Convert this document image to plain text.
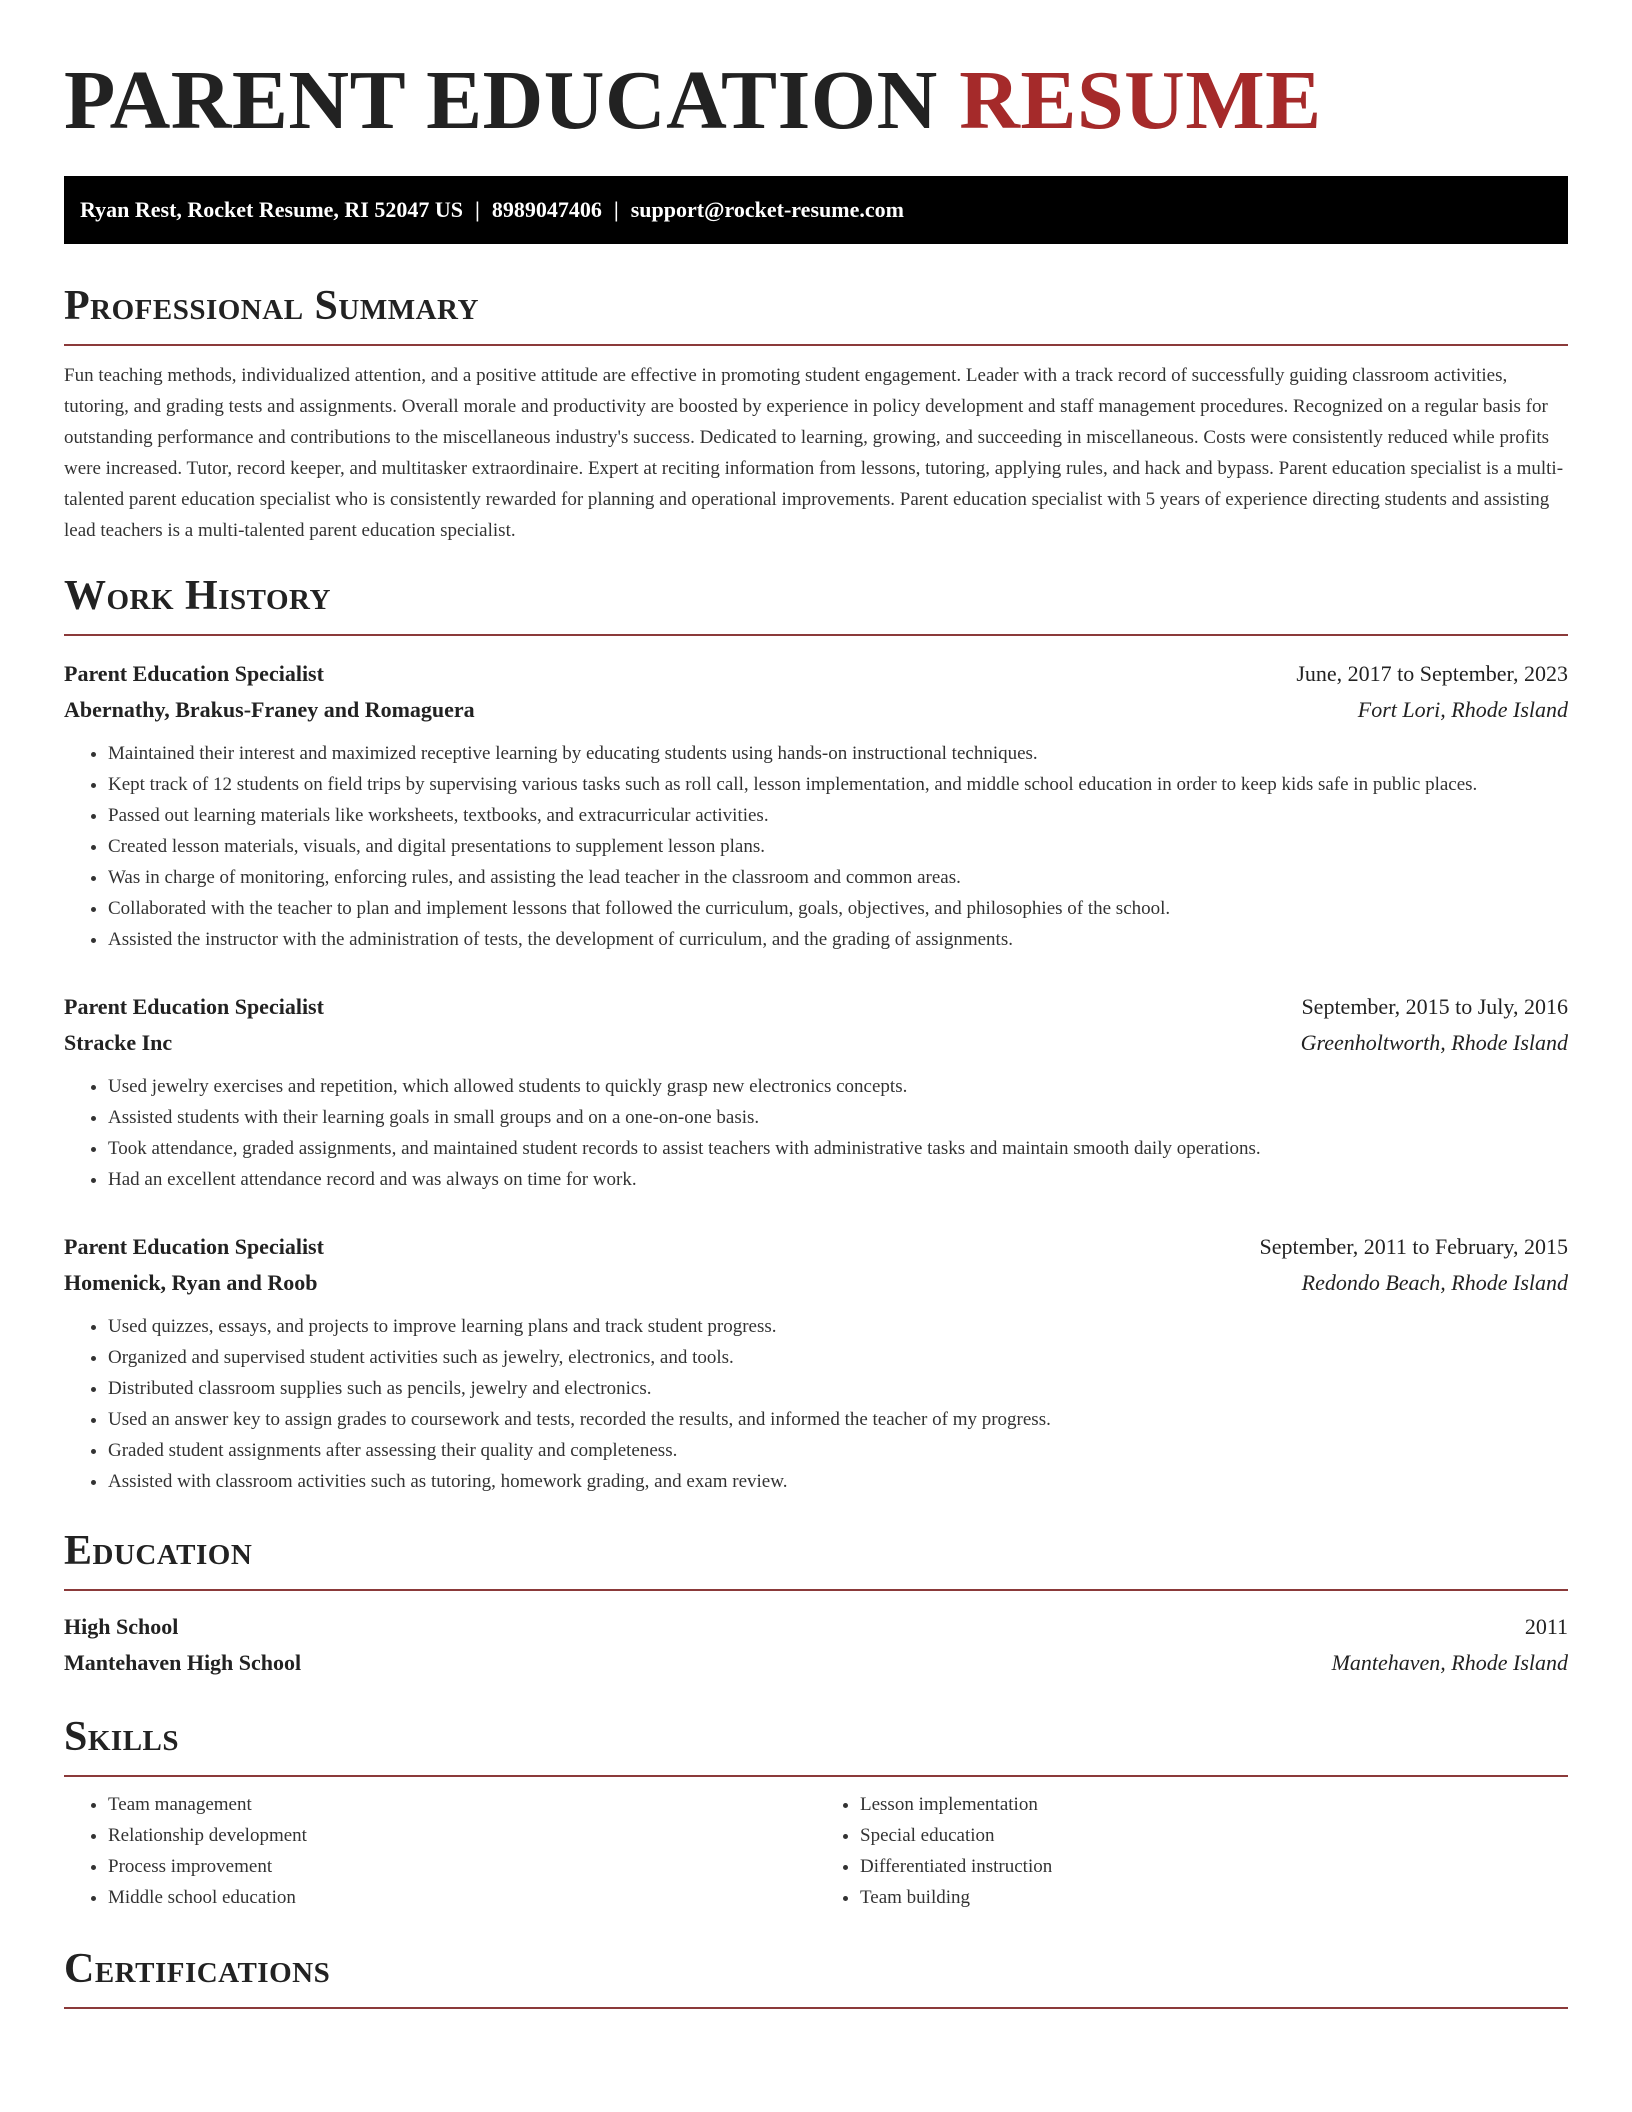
PARENT EDUCATION RESUME
Ryan Rest, Rocket Resume, RI 52047 US | 8989047406 | support@rocket-resume.com
Professional Summary

Fun teaching methods, individualized attention, and a positive attitude are effective in promoting student engagement. Leader with a track record of successfully guiding classroom activities, tutoring, and grading tests and assignments. Overall morale and productivity are boosted by experience in policy development and staff management procedures. Recognized on a regular basis for outstanding performance and contributions to the miscellaneous industry's success. Dedicated to learning, growing, and succeeding in miscellaneous. Costs were consistently reduced while profits were increased. Tutor, record keeper, and multitasker extraordinaire. Expert at reciting information from lessons, tutoring, applying rules, and hack and bypass. Parent education specialist is a multi-talented parent education specialist who is consistently rewarded for planning and operational improvements. Parent education specialist with 5 years of experience directing students and assisting lead teachers is a multi-talented parent education specialist.

Work History
Parent Education Specialist	June, 2017 to September, 2023
Abernathy, Brakus-Franey and Romaguera	Fort Lori, Rhode Island
• Maintained their interest and maximized receptive learning by educating students using hands-on instructional techniques.
• Kept track of 12 students on field trips by supervising various tasks such as roll call, lesson implementation, and middle school education in order to keep kids safe in public places.
• Passed out learning materials like worksheets, textbooks, and extracurricular activities.
• Created lesson materials, visuals, and digital presentations to supplement lesson plans.
• Was in charge of monitoring, enforcing rules, and assisting the lead teacher in the classroom and common areas.
• Collaborated with the teacher to plan and implement lessons that followed the curriculum, goals, objectives, and philosophies of the school.
• Assisted the instructor with the administration of tests, the development of curriculum, and the grading of assignments.
Parent Education Specialist	September, 2015 to July, 2016
Stracke Inc	Greenholtworth, Rhode Island
• Used jewelry exercises and repetition, which allowed students to quickly grasp new electronics concepts.
• Assisted students with their learning goals in small groups and on a one-on-one basis.
• Took attendance, graded assignments, and maintained student records to assist teachers with administrative tasks and maintain smooth daily operations.
• Had an excellent attendance record and was always on time for work.
Parent Education Specialist	September, 2011 to February, 2015
Homenick, Ryan and Roob	Redondo Beach, Rhode Island
• Used quizzes, essays, and projects to improve learning plans and track student progress.
• Organized and supervised student activities such as jewelry, electronics, and tools.
• Distributed classroom supplies such as pencils, jewelry and electronics.
• Used an answer key to assign grades to coursework and tests, recorded the results, and informed the teacher of my progress.
• Graded student assignments after assessing their quality and completeness.
• Assisted with classroom activities such as tutoring, homework grading, and exam review.
Education
High School	2011
Mantehaven High School	Mantehaven, Rhode Island
Skills
• Team management
• Relationship development
• Process improvement
• Middle school education
• Lesson implementation
• Special education
• Differentiated instruction
• Team building
Certifications
